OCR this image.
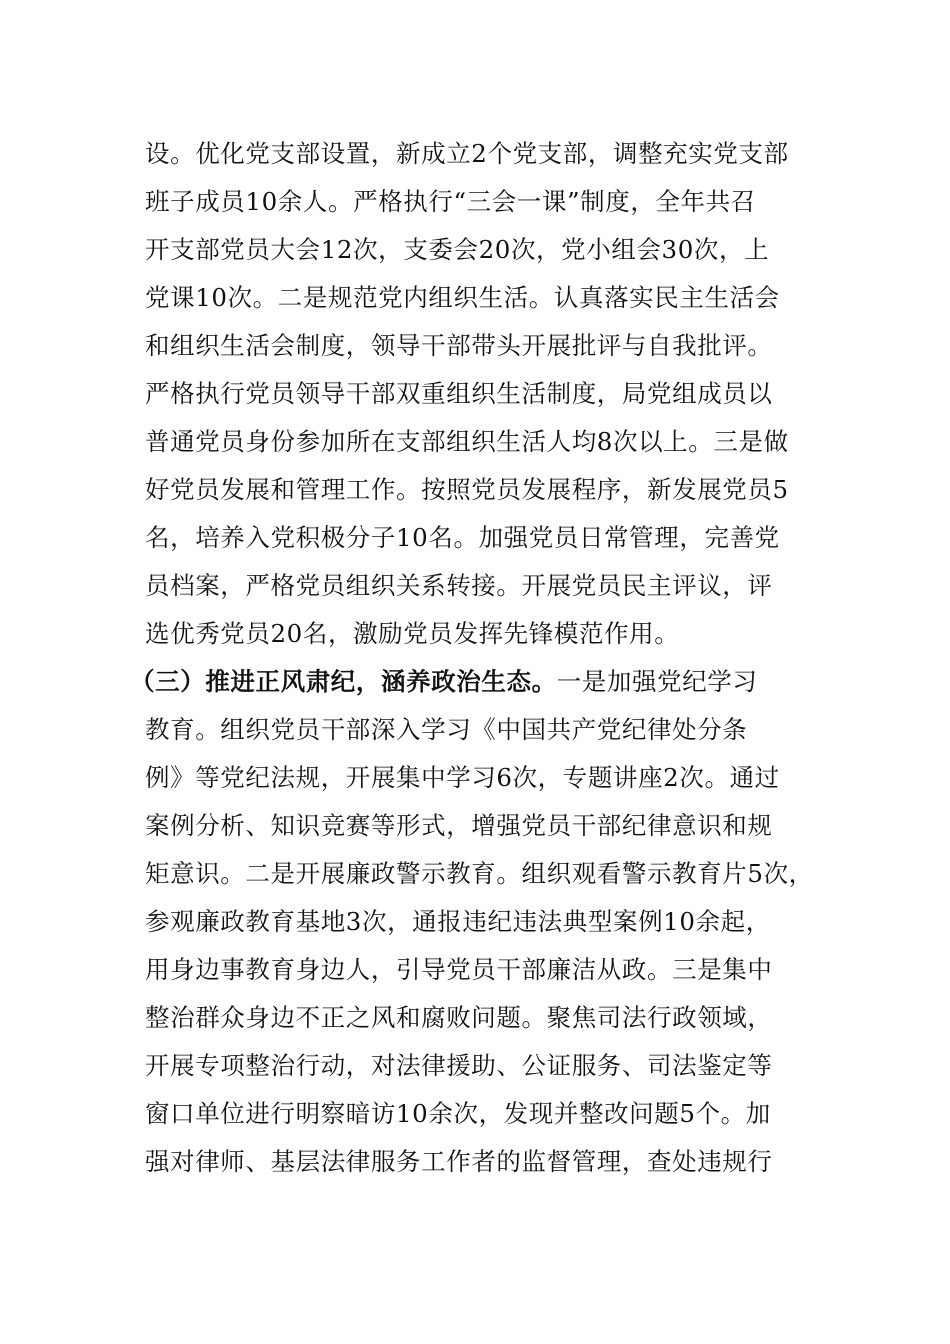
设。优化党支部设置，新成立2个党支部，调整充实党支部
班子成员10余人。严格执行“三会一课”制度，全年共召
开支部党员大会12次，支委会20次，党小组会30次，上
党课10次。二是规范党内组织生活。认真落实民主生活会
和组织生活会制度，领导干部带头开展批评与自我批评。
严格执行党员领导干部双重组织生活制度，局党组成员以
普通党员身份参加所在支部组织生活人均8次以上。三是做
好党员发展和管理工作。按照党员发展程序，新发展党员5
名，培养入党积极分子10名。加强党员日常管理，完善党
员档案，严格党员组织关系转接。开展党员民主评议，评
选优秀党员20名，激励党员发挥先锋模范作用。
（三）推进正风肃纪，涵养政治生态。一是加强党纪学习
教育。组织党员干部深入学习《中国共产党纪律处分条
例》等党纪法规，开展集中学习6次，专题讲座2次。通过
案例分析、知识竞赛等形式，增强党员干部纪律意识和规
矩意识。二是开展廉政警示教育。组织观看警示教育片5次，
参观廉政教育基地3次，通报违纪违法典型案例10余起，
用身边事教育身边人，引导党员干部廉洁从政。三是集中
整治群众身边不正之风和腐败问题。聚焦司法行政领域，
开展专项整治行动，对法律援助、公证服务、司法鉴定等
窗口单位进行明察暗访10余次，发现并整改问题5个。加
强对律师、基层法律服务工作者的监督管理，查处违规行
